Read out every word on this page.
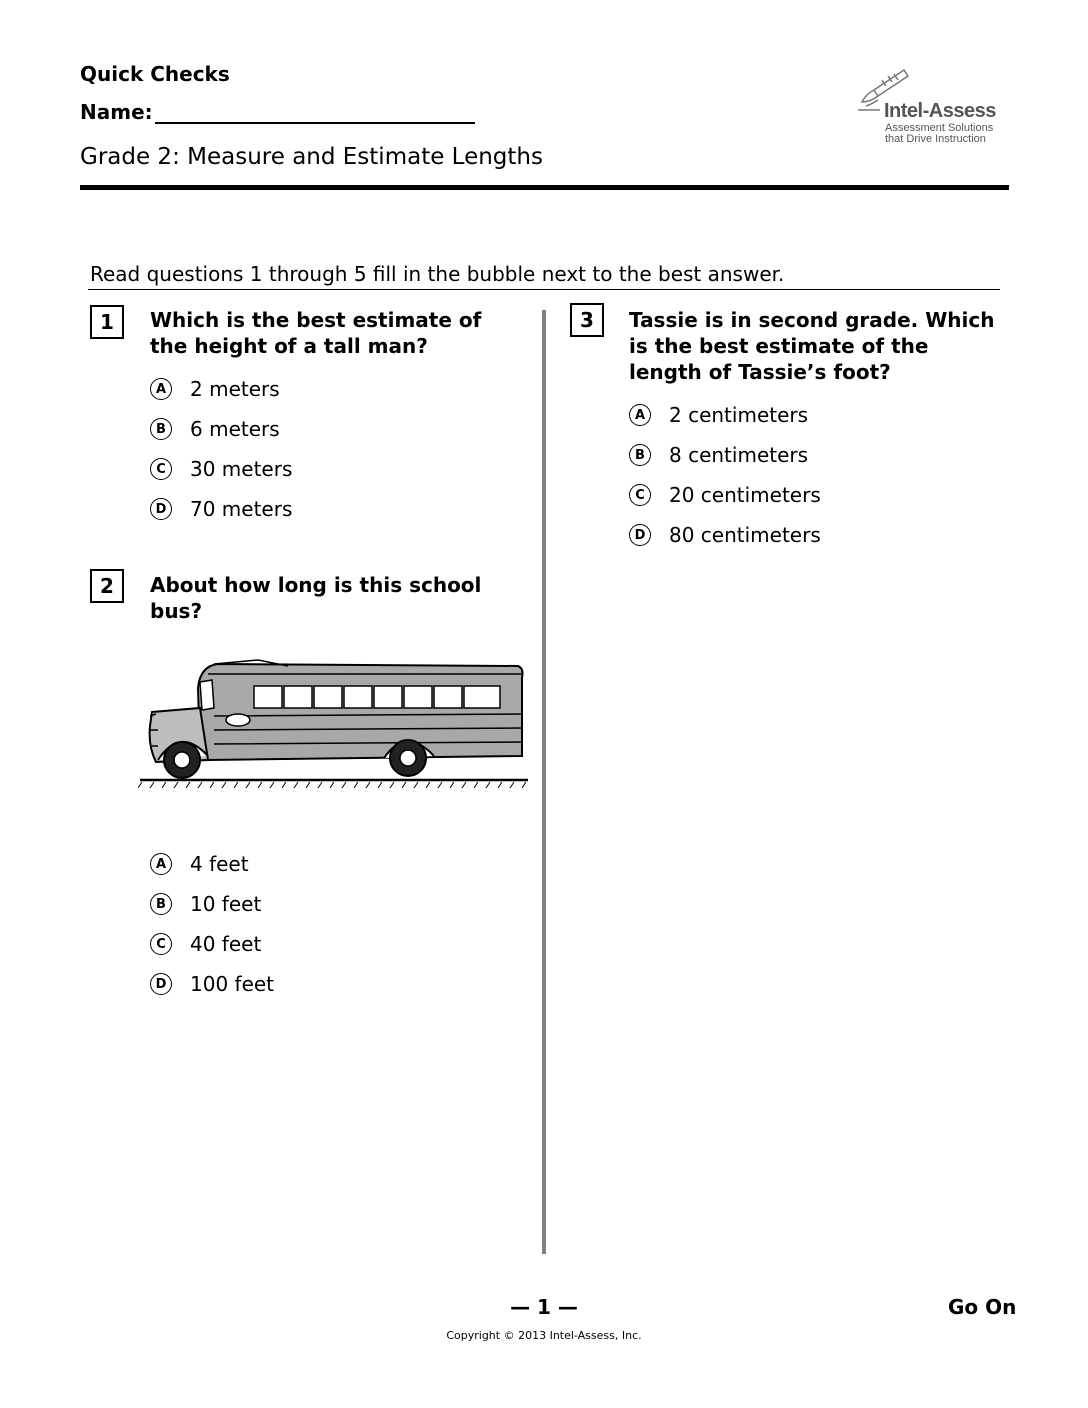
Quick Checks
Name:
Grade 2: Measure and Estimate Lengths
Intel-Assess
Assessment Solutions
that Drive Instruction
Read questions 1 through 5 fill in the bubble next to the best answer.
1	Which is the best estimate of the height of a tall man?
A 2 meters
B	6 meters
C	30 meters
D 70 meters
2	About how long is this school bus?
A 4 feet
B	10 feet
C	40 feet
D 100 feet
3	Tassie is in second grade. Which is the best estimate of the length of Tassie’s foot?
A 2 centimeters
B	8 centimeters
C	20 centimeters
D 80 centimeters
— 1 —	Go On
Copyright © 2013 Intel-Assess, Inc.
